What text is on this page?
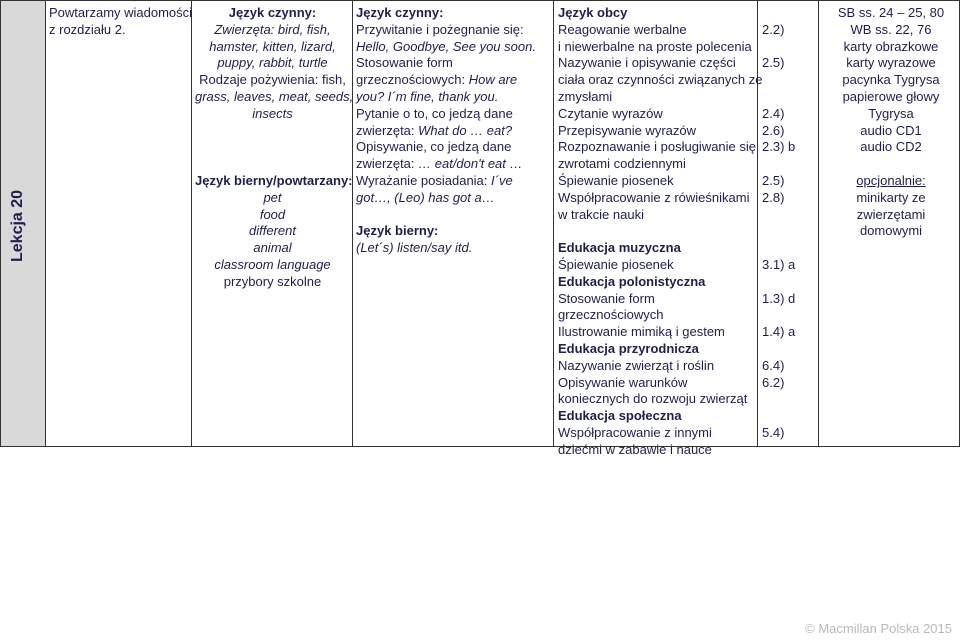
Lekcja 20
Powtarzamy wiadomości
z rozdziału 2.
Język czynny:
Zwierzęta: bird, fish,
hamster, kitten, lizard,
puppy, rabbit, turtle
Rodzaje pożywienia: fish,
grass, leaves, meat, seeds,
insects
Język bierny/powtarzany:
pet
food
different
animal
classroom language
przybory szkolne
Język czynny:
Przywitanie i pożegnanie się:
Hello, Goodbye, See you soon.
Stosowanie form
grzecznościowych: How are
you? I´m fine, thank you.
Pytanie o to, co jedzą dane
zwierzęta: What do … eat?
Opisywanie, co jedzą dane
zwierzęta: … eat/don't eat …
Wyrażanie posiadania: I´ve
got…, (Leo) has got a…
Język bierny:
(Let´s) listen/say itd.
Język obcy
Reagowanie werbalne
i niewerbalne na proste polecenia
Nazywanie i opisywanie części
ciała oraz czynności związanych ze
zmysłami
Czytanie wyrazów
Przepisywanie wyrazów
Rozpoznawanie i posługiwanie się
zwrotami codziennymi
Śpiewanie piosenek
Współpracowanie z rówieśnikami
w trakcie nauki
Edukacja muzyczna
Śpiewanie piosenek
Edukacja polonistyczna
Stosowanie form
grzecznościowych
Ilustrowanie mimiką i gestem
Edukacja przyrodnicza
Nazywanie zwierząt i roślin
Opisywanie warunków
koniecznych do rozwoju zwierząt
Edukacja społeczna
Współpracowanie z innymi
dziećmi w zabawie i nauce
2.2)
2.5)
2.4)
2.6)
2.3) b
2.5)
2.8)
3.1) a
1.3) d
1.4) a
6.4)
6.2)
5.4)
SB ss. 24 – 25, 80
WB ss. 22, 76
karty obrazkowe
karty wyrazowe
pacynka Tygrysa
papierowe głowy
Tygrysa
audio CD1
audio CD2
opcjonalnie:
minikarty ze
zwierzętami
domowymi
© Macmillan Polska 2015
